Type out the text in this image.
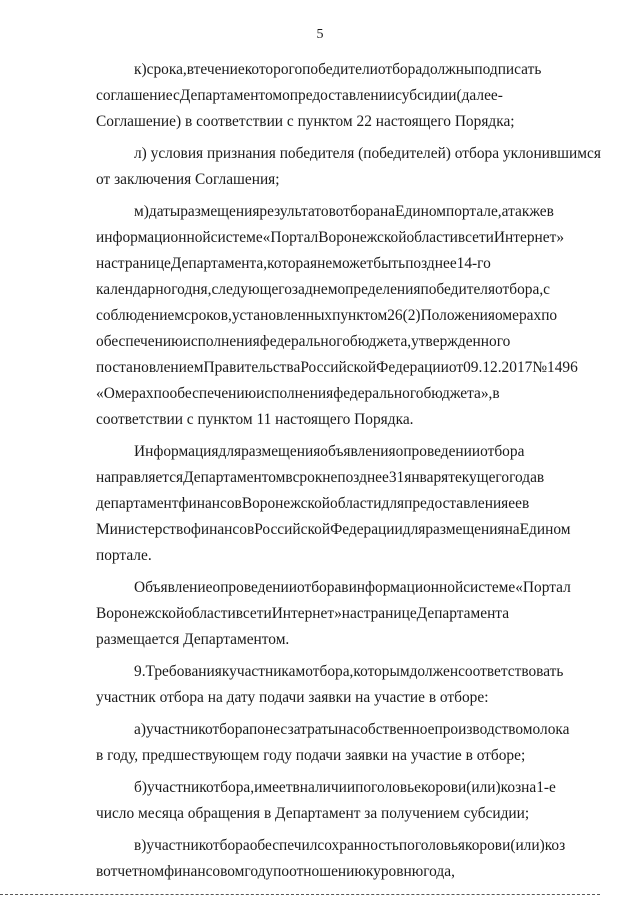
5

к)срока,втечениекоторогопобедителиотборадолжныподписать
соглашениесДепартаментомопредоставлениисубсидии(далее-
Соглашение) в соответствии с пунктом 22 настоящего Порядка;

л) условия признания победителя (победителей) отбора уклонившимся
от заключения Соглашения;

м)датыразмещениярезультатовотборанаЕдиномпортале,атакжев
информационнойсистеме«ПорталВоронежскойобластивсетиИнтернет»
настраницеДепартамента,котораянеможетбытьпозднее14-го
календарногодня,следующегозаднемопределенияпобедителяотбора,с
соблюдениемсроков,установленныхпунктом26(2)Положенияомерахпо
обеспечениюисполненияфедеральногобюджета,утвержденного
постановлениемПравительстваРоссийскойФедерацииот09.12.2017№1496
«Омерахпообеспечениюисполненияфедеральногобюджета»,в
соответствии с пунктом 11 настоящего Порядка.

Информациядляразмещенияобъявленияопроведенииотбора
направляетсяДепартаментомвсрокнепозднее31январятекущегогодав
департаментфинансовВоронежскойобластидляпредоставленияеев
МинистерствофинансовРоссийскойФедерациидляразмещениянаЕдином
портале.

Объявлениеопроведенииотборавинформационнойсистеме«Портал
ВоронежскойобластивсетиИнтернет»настраницеДепартамента
размещается Департаментом.

9.Требованиякучастникамотбора,которымдолженсоответствовать
участник отбора на дату подачи заявки на участие в отборе:

а)участникотборапонесзатратынасобственноепроизводствомолока
в году, предшествующем году подачи заявки на участие в отборе;

б)участникотбора,имеетвналичиипоголовьекорови(или)козна1-е
число месяца обращения в Департамент за получением субсидии;

в)участникотбораобеспечилсохранностьпоголовьякорови(или)коз
вотчетномфинансовомгодупоотношениюкуровнюгода,
